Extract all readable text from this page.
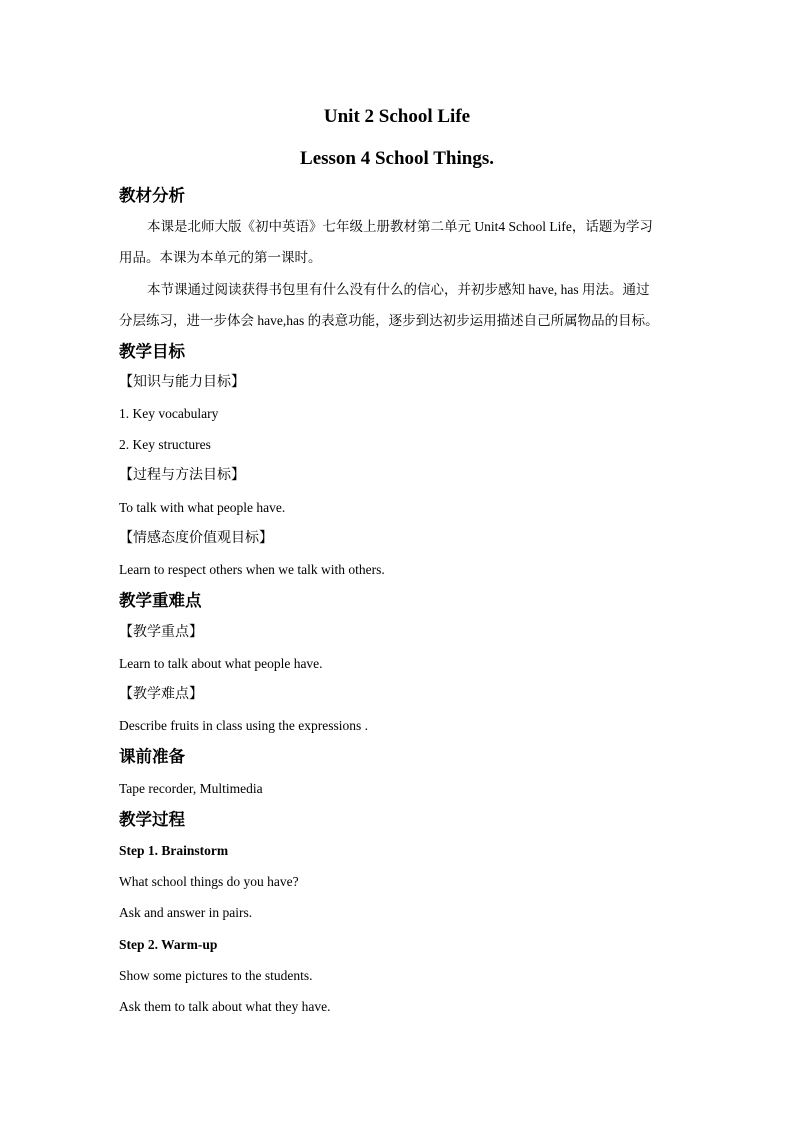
Unit 2 School Life
Lesson 4 School Things.
教材分析
本课是北师大版《初中英语》七年级上册教材第二单元 Unit4 School Life，话题为学习
用品。本课为本单元的第一课时。
本节课通过阅读获得书包里有什么没有什么的信心，并初步感知 have, has 用法。通过
分层练习，进一步体会 have,has 的表意功能，逐步到达初步运用描述自己所属物品的目标。
教学目标
【知识与能力目标】
1. Key vocabulary
2. Key structures
【过程与方法目标】
To talk with what people have.
【情感态度价值观目标】
Learn to respect others when we talk with others.
教学重难点
【教学重点】
Learn to talk about what people have.
【教学难点】
Describe fruits in class using the expressions .
课前准备
Tape recorder, Multimedia
教学过程
Step 1. Brainstorm
What school things do you have?
Ask and answer in pairs.
Step 2. Warm-up
Show some pictures to the students.
Ask them to talk about what they have.
